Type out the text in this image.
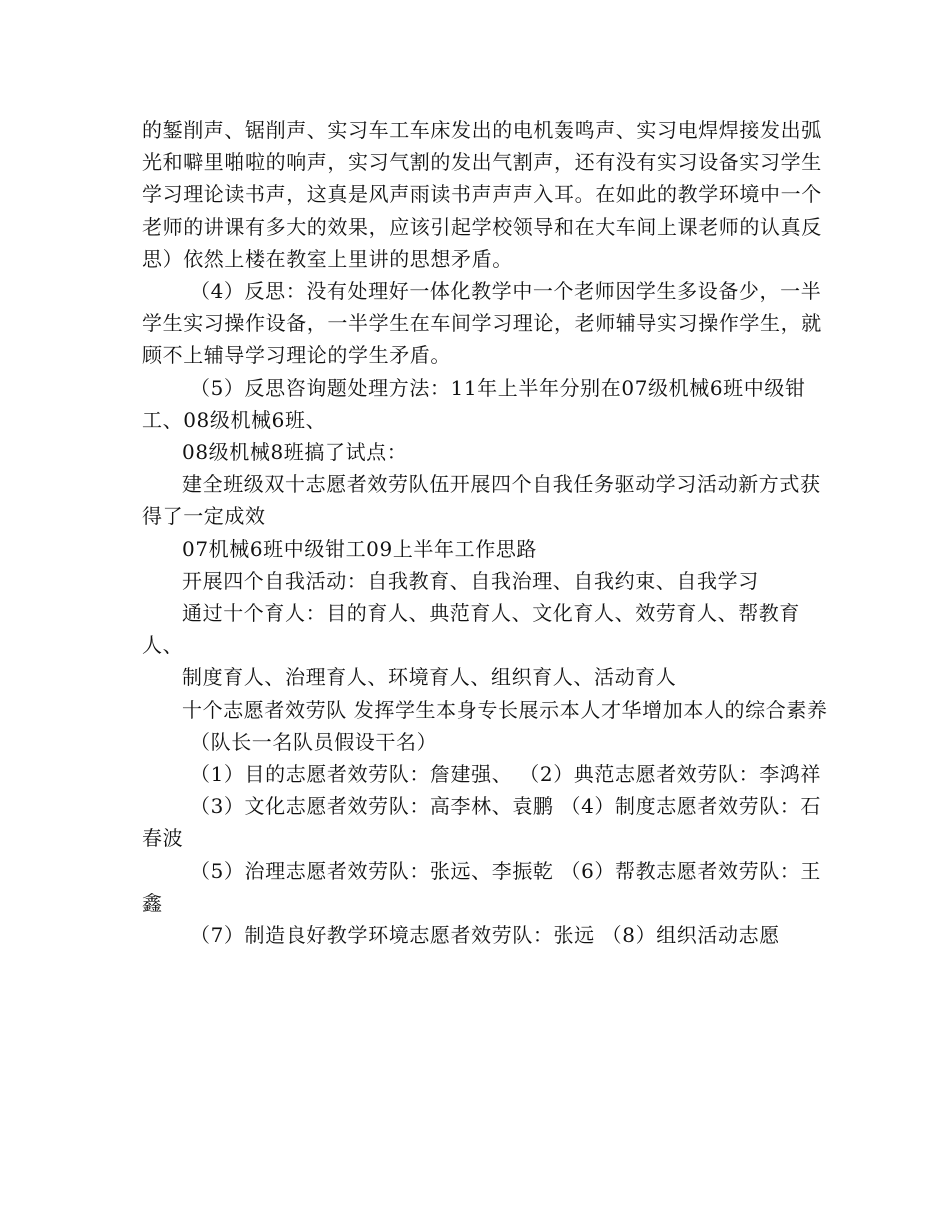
的錾削声、锯削声、实习车工车床发出的电机轰鸣声、实习电焊焊接发出弧光和噼里啪啦的响声，实习气割的发出气割声，还有没有实习设备实习学生学习理论读书声，这真是风声雨读书声声声入耳。在如此的教学环境中一个老师的讲课有多大的效果，应该引起学校领导和在大车间上课老师的认真反思）依然上楼在教室上里讲的思想矛盾。

（4）反思：没有处理好一体化教学中一个老师因学生多设备少，一半学生实习操作设备，一半学生在车间学习理论，老师辅导实习操作学生，就顾不上辅导学习理论的学生矛盾。

（5）反思咨询题处理方法：11年上半年分别在07级机械6班中级钳工、08级机械6班、

08级机械8班搞了试点：

建全班级双十志愿者效劳队伍开展四个自我任务驱动学习活动新方式获得了一定成效

07机械6班中级钳工09上半年工作思路

开展四个自我活动：自我教育、自我治理、自我约束、自我学习

通过十个育人：目的育人、典范育人、文化育人、效劳育人、帮教育人、

制度育人、治理育人、环境育人、组织育人、活动育人

十个志愿者效劳队 发挥学生本身专长展示本人才华增加本人的综合素养

（队长一名队员假设干名）

（1）目的志愿者效劳队：詹建强、 （2）典范志愿者效劳队：李鸿祥

（3）文化志愿者效劳队：高李林、袁鹏 （4）制度志愿者效劳队：石春波

（5）治理志愿者效劳队：张远、李振乾 （6）帮教志愿者效劳队：王鑫

（7）制造良好教学环境志愿者效劳队：张远 （8）组织活动志愿
